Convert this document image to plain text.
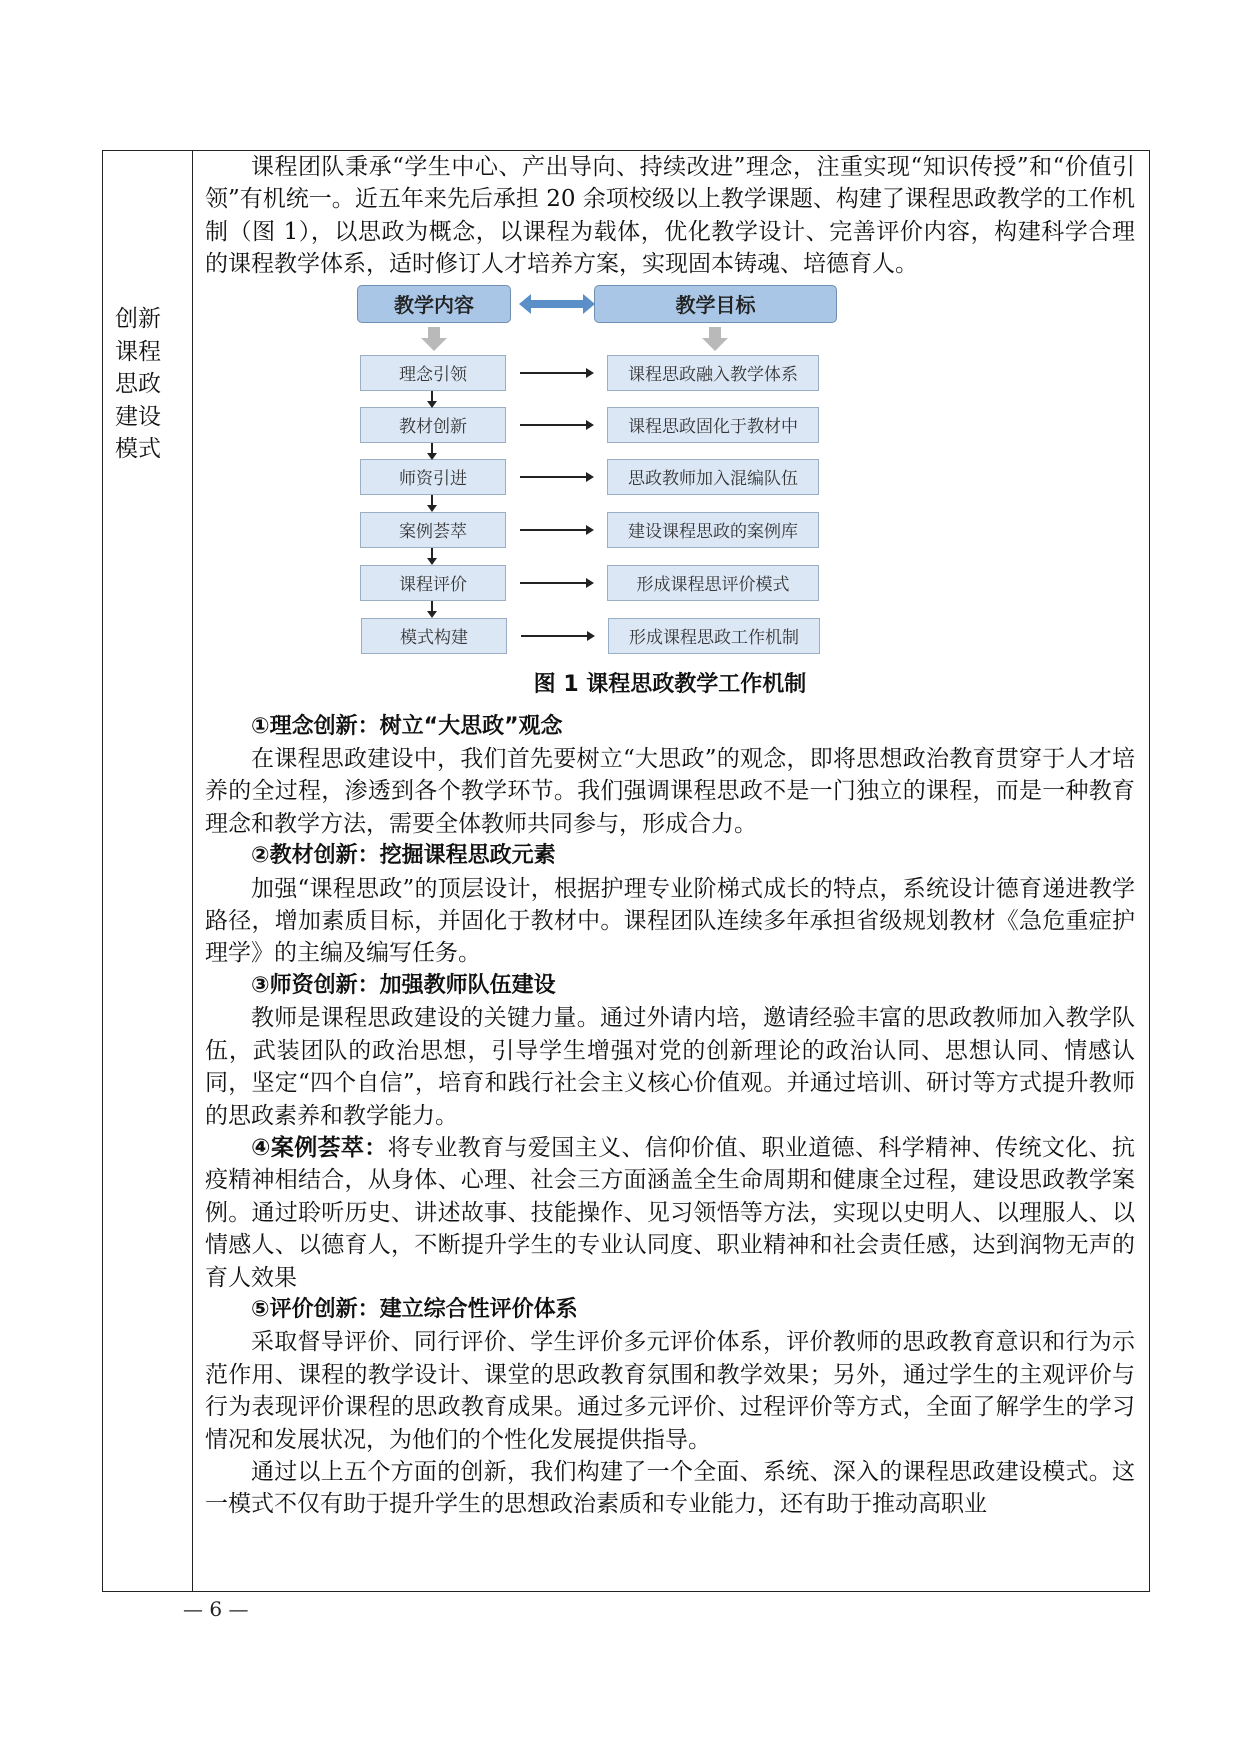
创新课程思政建设模式

课程团队秉承“学生中心、产出导向、持续改进”理念，注重实现“知识传授”和“价值引领”有机统一。近五年来先后承担 20 余项校级以上教学课题、构建了课程思政教学的工作机制（图 1），以思政为概念，以课程为载体，优化教学设计、完善评价内容，构建科学合理的课程教学体系，适时修订人才培养方案，实现固本铸魂、培德育人。

教学内容	教学目标
理念引领
教材创新
师资引进
案例荟萃
课程评价
模式构建
课程思政融入教学体系
课程思政固化于教材中
思政教师加入混编队伍
建设课程思政的案例库
形成课程思评价模式
形成课程思政工作机制
图 1 课程思政教学工作机制

①理念创新：树立“大思政”观念

在课程思政建设中，我们首先要树立“大思政”的观念，即将思想政治教育贯穿于人才培养的全过程，渗透到各个教学环节。我们强调课程思政不是一门独立的课程，而是一种教育理念和教学方法，需要全体教师共同参与，形成合力。

②教材创新：挖掘课程思政元素

加强“课程思政”的顶层设计，根据护理专业阶梯式成长的特点，系统设计德育递进教学路径，增加素质目标，并固化于教材中。课程团队连续多年承担省级规划教材《急危重症护理学》的主编及编写任务。

③师资创新：加强教师队伍建设

教师是课程思政建设的关键力量。通过外请内培，邀请经验丰富的思政教师加入教学队伍，武装团队的政治思想，引导学生增强对党的创新理论的政治认同、思想认同、情感认同，坚定“四个自信”，培育和践行社会主义核心价值观。并通过培训、研讨等方式提升教师的思政素养和教学能力。

④案例荟萃：将专业教育与爱国主义、信仰价值、职业道德、科学精神、传统文化、抗疫精神相结合，从身体、心理、社会三方面涵盖全生命周期和健康全过程，建设思政教学案例。通过聆听历史、讲述故事、技能操作、见习领悟等方法，实现以史明人、以理服人、以情感人、以德育人，不断提升学生的专业认同度、职业精神和社会责任感，达到润物无声的育人效果

⑤评价创新：建立综合性评价体系

采取督导评价、同行评价、学生评价多元评价体系，评价教师的思政教育意识和行为示范作用、课程的教学设计、课堂的思政教育氛围和教学效果；另外，通过学生的主观评价与行为表现评价课程的思政教育成果。通过多元评价、过程评价等方式，全面了解学生的学习情况和发展状况，为他们的个性化发展提供指导。

通过以上五个方面的创新，我们构建了一个全面、系统、深入的课程思政建设模式。这一模式不仅有助于提升学生的思想政治素质和专业能力，还有助于推动高职业

— 6 —
